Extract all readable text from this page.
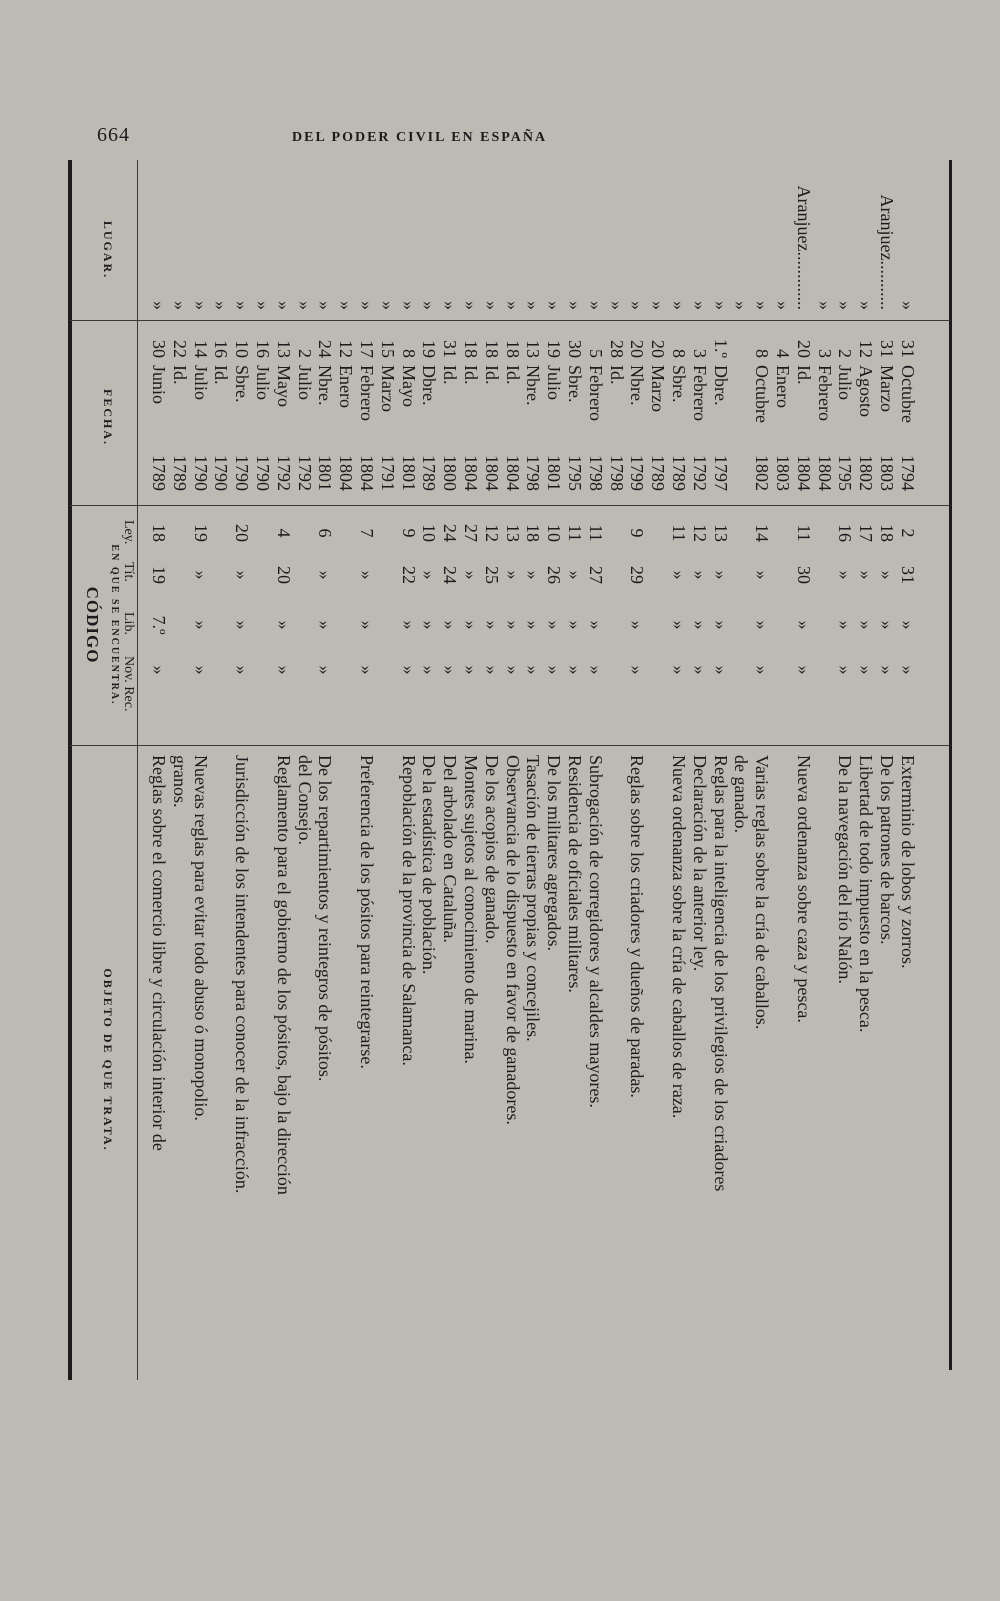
664	DEL PODER CIVIL EN ESPAÑA
LUGAR.
FECHA.
CÓDIGO EN QUE SE ENCUENTRA.
Ley.
Tít.
Lib.
Nov. Rec.
OBJETO DE QUE TRATA.
»
30
Junio
1789
18
19
7.º
»
Reglas sobre el comercio libre y circulación interior de
»
22
Id.
1789
granos.
»
14
Julio
1790
19
»
»
»
Nuevas reglas para evitar todo abuso ó monopolio.
»
16
Id.
1790
»
10
Sbre.
1790
20
»
»
»
Jurisdicción de los intendentes para conocer de la infracción.
»
16
Julio
1790
»
13
Mayo
1792
4
20
»
»
Reglamento para el gobierno de los pósitos, bajo la dirección
»
2
Julio
1792
del Consejo.
»
24
Nbre.
1801
6
»
»
»
De los repartimientos y reintegros de pósitos.
»
12
Enero
1804
»
17
Febrero
1804
7
»
»
»
Preferencia de los pósitos para reintegrarse.
»
15
Marzo
1791
»
8
Mayo
1801
9
22
»
»
Repoblación de la provincia de Salamanca.
»
19
Dbre.
1789
10
»
»
»
De la estadística de población.
»
31
Id.
1800
24
24
»
»
Del arbolado en Cataluña.
»
18
Id.
1804
27
»
»
»
Montes sujetos al conocimiento de marina.
»
18
Id.
1804
12
25
»
»
De los acopios de ganado.
»
18
Id.
1804
13
»
»
»
Observancia de lo dispuesto en favor de ganadores.
»
13
Nbre.
1798
18
»
»
»
Tasación de tierras propias y concejiles.
»
19
Julio
1801
10
26
»
»
De los militares agregados.
»
30
Sbre.
1795
11
»
»
»
Residencia de oficiales militares.
»
5
Febrero
1798
11
27
»
»
Subrogación de corregidores y alcaldes mayores.
»
28
Id.
1798
»
20
Nbre.
1799
9
29
»
»
Reglas sobre los criadores y dueños de paradas.
»
20
Marzo
1789
»
8
Sbre.
1789
11
»
»
»
Nueva ordenanza sobre la cría de caballos de raza.
»
3
Febrero
1792
12
»
»
»
Declaración de la anterior ley.
»
1.º
Dbre.
1797
13
»
»
»
Reglas para la inteligencia de los privilegios de los criadores
»
de ganado.
»
8
Octubre
1802
14
»
»
»
Varias reglas sobre la cría de caballos.
»
4
Enero
1803
Aranjuez.............
20
Id.
1804
11
30
»
»
Nueva ordenanza sobre caza y pesca.
»
3
Febrero
1804
»
2
Julio
1795
16
»
»
»
De la navegación del río Nalón.
»
12
Agosto
1802
17
»
»
»
Libertad de todo impuesto en la pesca.
Aranjuez...........
31
Marzo
1803
18
»
»
»
De los patrones de barcos.
»
31
Octubre
1794
2
31
»
»
Exterminio de lobos y zorros.
